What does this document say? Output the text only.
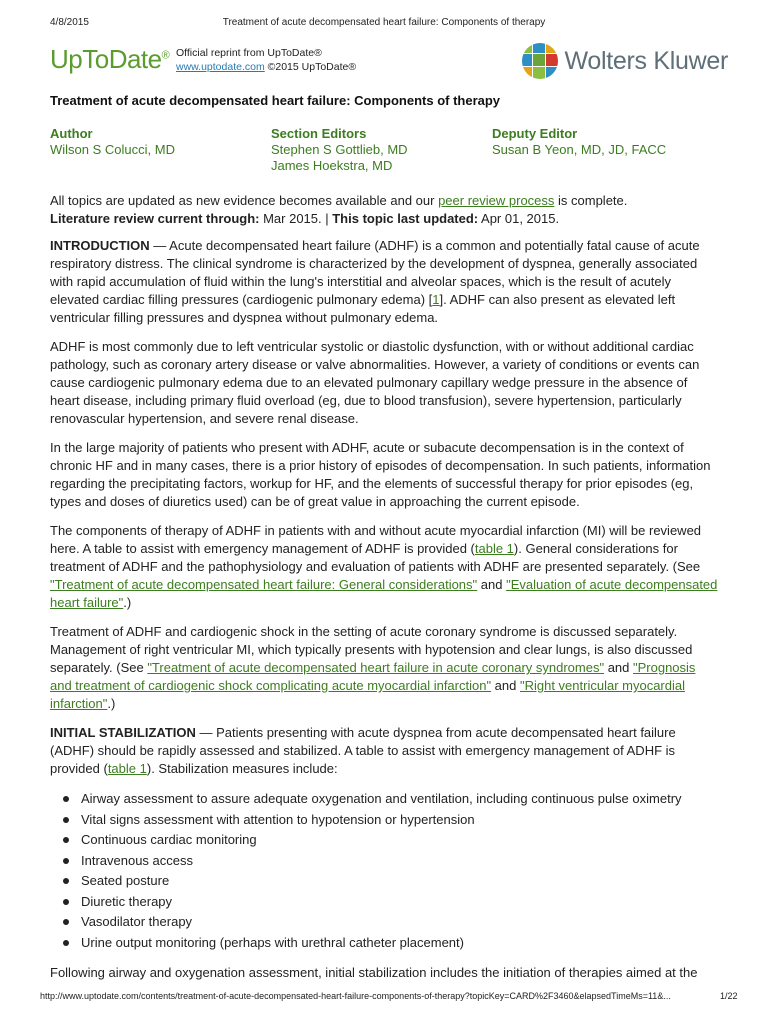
Treatment of acute decompensated heart failure: Components of therapy
4/8/2015
UpToDate® Official reprint from UpToDate®
www.uptodate.com ©2015 UpToDate®	Wolters Kluwer
Treatment of acute decompensated heart failure: Components of therapy
Author
Wilson S Colucci, MD
Section Editors
Stephen S Gottlieb, MD
James Hoekstra, MD
Deputy Editor
Susan B Yeon, MD, JD, FACC

All topics are updated as new evidence becomes available and our peer review process is complete.
Literature review current through: Mar 2015. | This topic last updated: Apr 01, 2015.

INTRODUCTION — Acute decompensated heart failure (ADHF) is a common and potentially fatal cause of acute respiratory distress. The clinical syndrome is characterized by the development of dyspnea, generally associated with rapid accumulation of fluid within the lung's interstitial and alveolar spaces, which is the result of acutely elevated cardiac filling pressures (cardiogenic pulmonary edema) [1]. ADHF can also present as elevated left ventricular filling pressures and dyspnea without pulmonary edema.

ADHF is most commonly due to left ventricular systolic or diastolic dysfunction, with or without additional cardiac pathology, such as coronary artery disease or valve abnormalities. However, a variety of conditions or events can cause cardiogenic pulmonary edema due to an elevated pulmonary capillary wedge pressure in the absence of heart disease, including primary fluid overload (eg, due to blood transfusion), severe hypertension, particularly renovascular hypertension, and severe renal disease.

In the large majority of patients who present with ADHF, acute or subacute decompensation is in the context of chronic HF and in many cases, there is a prior history of episodes of decompensation. In such patients, information regarding the precipitating factors, workup for HF, and the elements of successful therapy for prior episodes (eg, types and doses of diuretics used) can be of great value in approaching the current episode.

The components of therapy of ADHF in patients with and without acute myocardial infarction (MI) will be reviewed here. A table to assist with emergency management of ADHF is provided (table 1). General considerations for treatment of ADHF and the pathophysiology and evaluation of patients with ADHF are presented separately. (See "Treatment of acute decompensated heart failure: General considerations" and "Evaluation of acute decompensated heart failure".)

Treatment of ADHF and cardiogenic shock in the setting of acute coronary syndrome is discussed separately. Management of right ventricular MI, which typically presents with hypotension and clear lungs, is also discussed separately. (See "Treatment of acute decompensated heart failure in acute coronary syndromes" and "Prognosis and treatment of cardiogenic shock complicating acute myocardial infarction" and "Right ventricular myocardial infarction".)

INITIAL STABILIZATION — Patients presenting with acute dyspnea from acute decompensated heart failure (ADHF) should be rapidly assessed and stabilized. A table to assist with emergency management of ADHF is provided (table 1). Stabilization measures include:

Airway assessment to assure adequate oxygenation and ventilation, including continuous pulse oximetry
Vital signs assessment with attention to hypotension or hypertension
Continuous cardiac monitoring
Intravenous access
Seated posture
Diuretic therapy
Vasodilator therapy
Urine output monitoring (perhaps with urethral catheter placement)

Following airway and oxygenation assessment, initial stabilization includes the initiation of therapies aimed at the

http://www.uptodate.com/contents/treatment-of-acute-decompensated-heart-failure-components-of-therapy?topicKey=CARD%2F3460&elapsedTimeMs=11&...	1/22
